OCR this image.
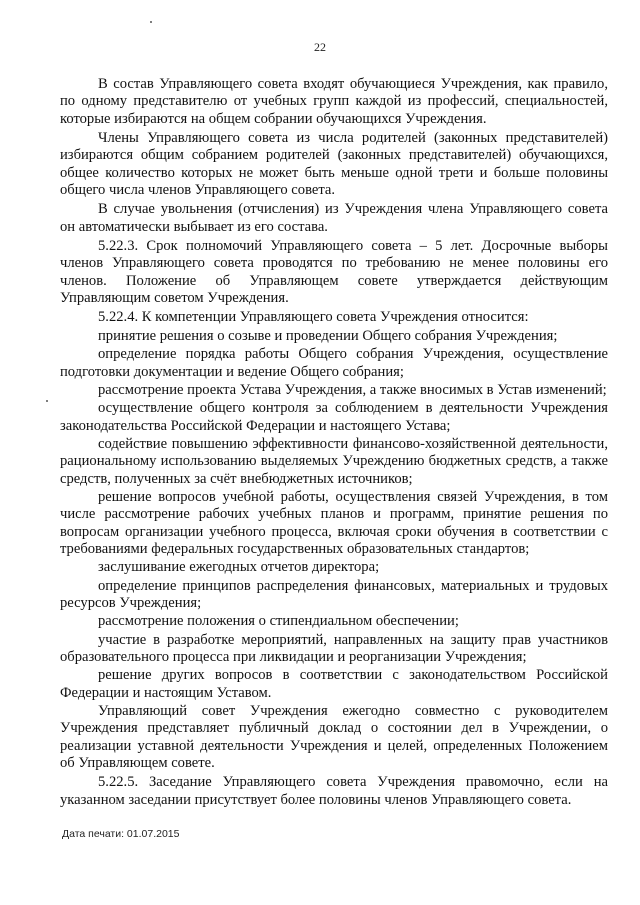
22

В состав Управляющего совета входят обучающиеся Учреждения, как правило, по одному представителю от учебных групп каждой из профессий, специальностей, которые избираются на общем собрании обучающихся Учреждения.

Члены Управляющего совета из числа родителей (законных представителей) избираются общим собранием родителей (законных представителей) обучающихся, общее количество которых не может быть меньше одной трети и больше половины общего числа членов Управляющего совета.

В случае увольнения (отчисления) из Учреждения члена Управляющего совета он автоматически выбывает из его состава.

5.22.3. Срок полномочий Управляющего совета – 5 лет. Досрочные выборы членов Управляющего совета проводятся по требованию не менее половины его членов. Положение об Управляющем совете утверждается действующим Управляющим советом Учреждения.

5.22.4. К компетенции Управляющего совета Учреждения относится:

принятие решения о созыве и проведении Общего собрания Учреждения;

определение порядка работы Общего собрания Учреждения, осуществление подготовки документации и ведение Общего собрания;

рассмотрение проекта Устава Учреждения, а также вносимых в Устав изменений;

осуществление общего контроля за соблюдением в деятельности Учреждения законодательства Российской Федерации и настоящего Устава;

содействие повышению эффективности финансово-хозяйственной деятельности, рациональному использованию выделяемых Учреждению бюджетных средств, а также средств, полученных за счёт внебюджетных источников;

решение вопросов учебной работы, осуществления связей Учреждения, в том числе рассмотрение рабочих учебных планов и программ, принятие решения по вопросам организации учебного процесса, включая сроки обучения в соответствии с требованиями федеральных государственных образовательных стандартов;

заслушивание ежегодных отчетов директора;

определение принципов распределения финансовых, материальных и трудовых ресурсов Учреждения;

рассмотрение положения о стипендиальном обеспечении;

участие в разработке мероприятий, направленных на защиту прав участников образовательного процесса при ликвидации и реорганизации Учреждения;

решение других вопросов в соответствии с законодательством Российской Федерации и настоящим Уставом.

Управляющий совет Учреждения ежегодно совместно с руководителем Учреждения представляет публичный доклад о состоянии дел в Учреждении, о реализации уставной деятельности Учреждения и целей, определенных Положением об Управляющем совете.

5.22.5. Заседание Управляющего совета Учреждения правомочно, если на указанном заседании присутствует более половины членов Управляющего совета.

Дата печати: 01.07.2015
